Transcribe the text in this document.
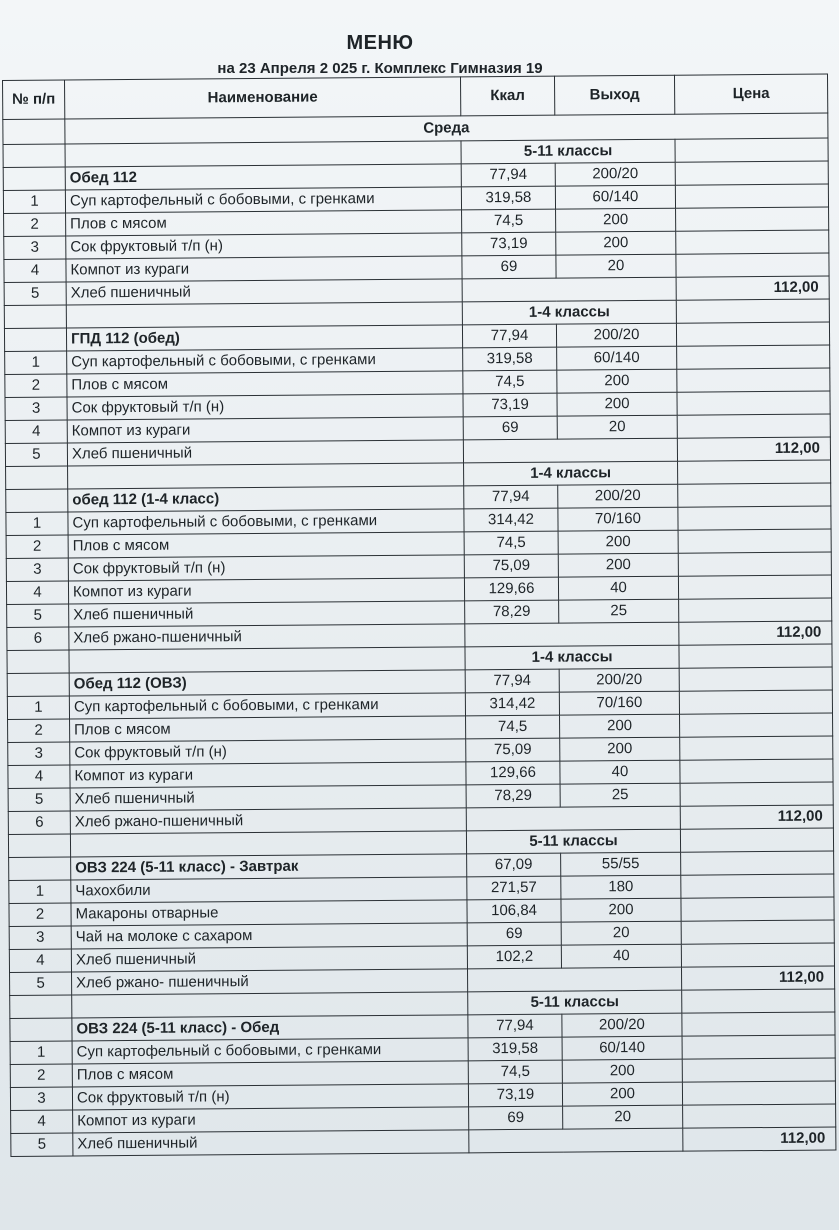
МЕНЮ
на 23 Апреля 2 025 г. Комплекс Гимназия 19
№ п/п	Наименование	Ккал	Выход	Цена
	Среда			
		5-11 классы		
	Обед 112	77,94	200/20	
1	Суп картофельный с бобовыми, с гренками	319,58	60/140	
2	Плов с мясом	74,5	200	
3	Сок фруктовый т/п (н)	73,19	200	
4	Компот из кураги	69	20	
5	Хлеб пшеничный			112,00
		1-4 классы		
	ГПД 112 (обед)	77,94	200/20	
1	Суп картофельный с бобовыми, с гренками	319,58	60/140	
2	Плов с мясом	74,5	200	
3	Сок фруктовый т/п (н)	73,19	200	
4	Компот из кураги	69	20	
5	Хлеб пшеничный			112,00
		1-4 классы		
	обед 112 (1-4 класс)	77,94	200/20	
1	Суп картофельный с бобовыми, с гренками	314,42	70/160	
2	Плов с мясом	74,5	200	
3	Сок фруктовый т/п (н)	75,09	200	
4	Компот из кураги	129,66	40	
5	Хлеб пшеничный	78,29	25	
6	Хлеб ржано-пшеничный			112,00
		1-4 классы		
	Обед 112 (ОВЗ)	77,94	200/20	
1	Суп картофельный с бобовыми, с гренками	314,42	70/160	
2	Плов с мясом	74,5	200	
3	Сок фруктовый т/п (н)	75,09	200	
4	Компот из кураги	129,66	40	
5	Хлеб пшеничный	78,29	25	
6	Хлеб ржано-пшеничный			112,00
		5-11 классы		
	ОВЗ 224 (5-11 класс) - Завтрак	67,09	55/55	
1	Чахохбили	271,57	180	
2	Макароны отварные	106,84	200	
3	Чай на молоке с сахаром	69	20	
4	Хлеб пшеничный	102,2	40	
5	Хлеб ржано- пшеничный			112,00
		5-11 классы		
	ОВЗ 224 (5-11 класс) - Обед	77,94	200/20	
1	Суп картофельный с бобовыми, с гренками	319,58	60/140	
2	Плов с мясом	74,5	200	
3	Сок фруктовый т/п (н)	73,19	200	
4	Компот из кураги	69	20	
5	Хлеб пшеничный			112,00
